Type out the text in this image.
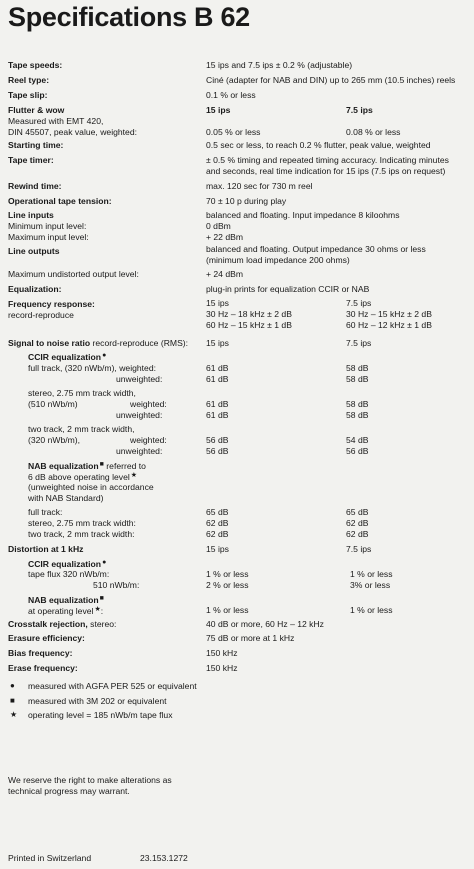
Specifications B 62
Tape speeds:	15 ips and 7.5 ips ± 0.2 % (adjustable)
Reel type:	Ciné (adapter for NAB and DIN) up to 265 mm (10.5 inches) reels
Tape slip:	0.1 % or less
Flutter & wow	15 ips	7.5 ips
Measured with EMT 420,
DIN 45507, peak value, weighted:	0.05 % or less	0.08 % or less
Starting time:	0.5 sec or less, to reach 0.2 % flutter, peak value, weighted
Tape timer:	± 0.5 % timing and repeated timing accuracy. Indicating minutes
and seconds, real time indication for 15 ips (7.5 ips on request)
Rewind time:	max. 120 sec for 730 m reel
Operational tape tension:	70 ± 10 p during play
Line inputs	balanced and floating. Input impedance 8 kiloohms
Minimum input level:	0 dBm
Maximum input level:	+ 22 dBm
Line outputs	balanced and floating. Output impedance 30 ohms or less
(minimum load impedance 200 ohms)
Maximum undistorted output level:	+ 24 dBm
Equalization:	plug-in prints for equalization CCIR or NAB
Frequency response:	15 ips	7.5 ips
record-reproduce	30 Hz – 18 kHz ± 2 dB	30 Hz – 15 kHz ± 2 dB
60 Hz – 15 kHz ± 1 dB	60 Hz – 12 kHz ± 1 dB
Signal to noise ratio record-reproduce (RMS): 15 ips	7.5 ips
CCIR equalization●
full track, (320 nWb/m), weighted:	61 dB	58 dB
unweighted:	61 dB	58 dB
stereo, 2.75 mm track width,
(510 nWb/m)	weighted:	61 dB	58 dB
unweighted:	61 dB	58 dB
two track, 2 mm track width,
(320 nWb/m),	weighted:	56 dB	54 dB
unweighted:	56 dB	56 dB
NAB equalization■ referred to
6 dB above operating level★
(unweighted noise in accordance
with NAB Standard)
full track:	65 dB	65 dB
stereo, 2.75 mm track width:	62 dB	62 dB
two track, 2 mm track width:	62 dB	62 dB
Distortion at 1 kHz	15 ips	7.5 ips
CCIR equalization●
tape flux 320 nWb/m:	1 % or less	1 % or less
510 nWb/m:	2 % or less	3% or less
NAB equalization■
at operating level★:	1 % or less	1 % or less
Crosstalk rejection, stereo:	40 dB or more, 60 Hz – 12 kHz
Erasure efficiency:	75 dB or more at 1 kHz
Bias frequency:	150 kHz
Erase frequency:	150 kHz
● measured with AGFA PER 525 or equivalent
■ measured with 3M 202 or equivalent
★ operating level = 185 nWb/m tape flux
We reserve the right to make alterations as
technical progress may warrant.
Printed in Switzerland	23.153.1272
